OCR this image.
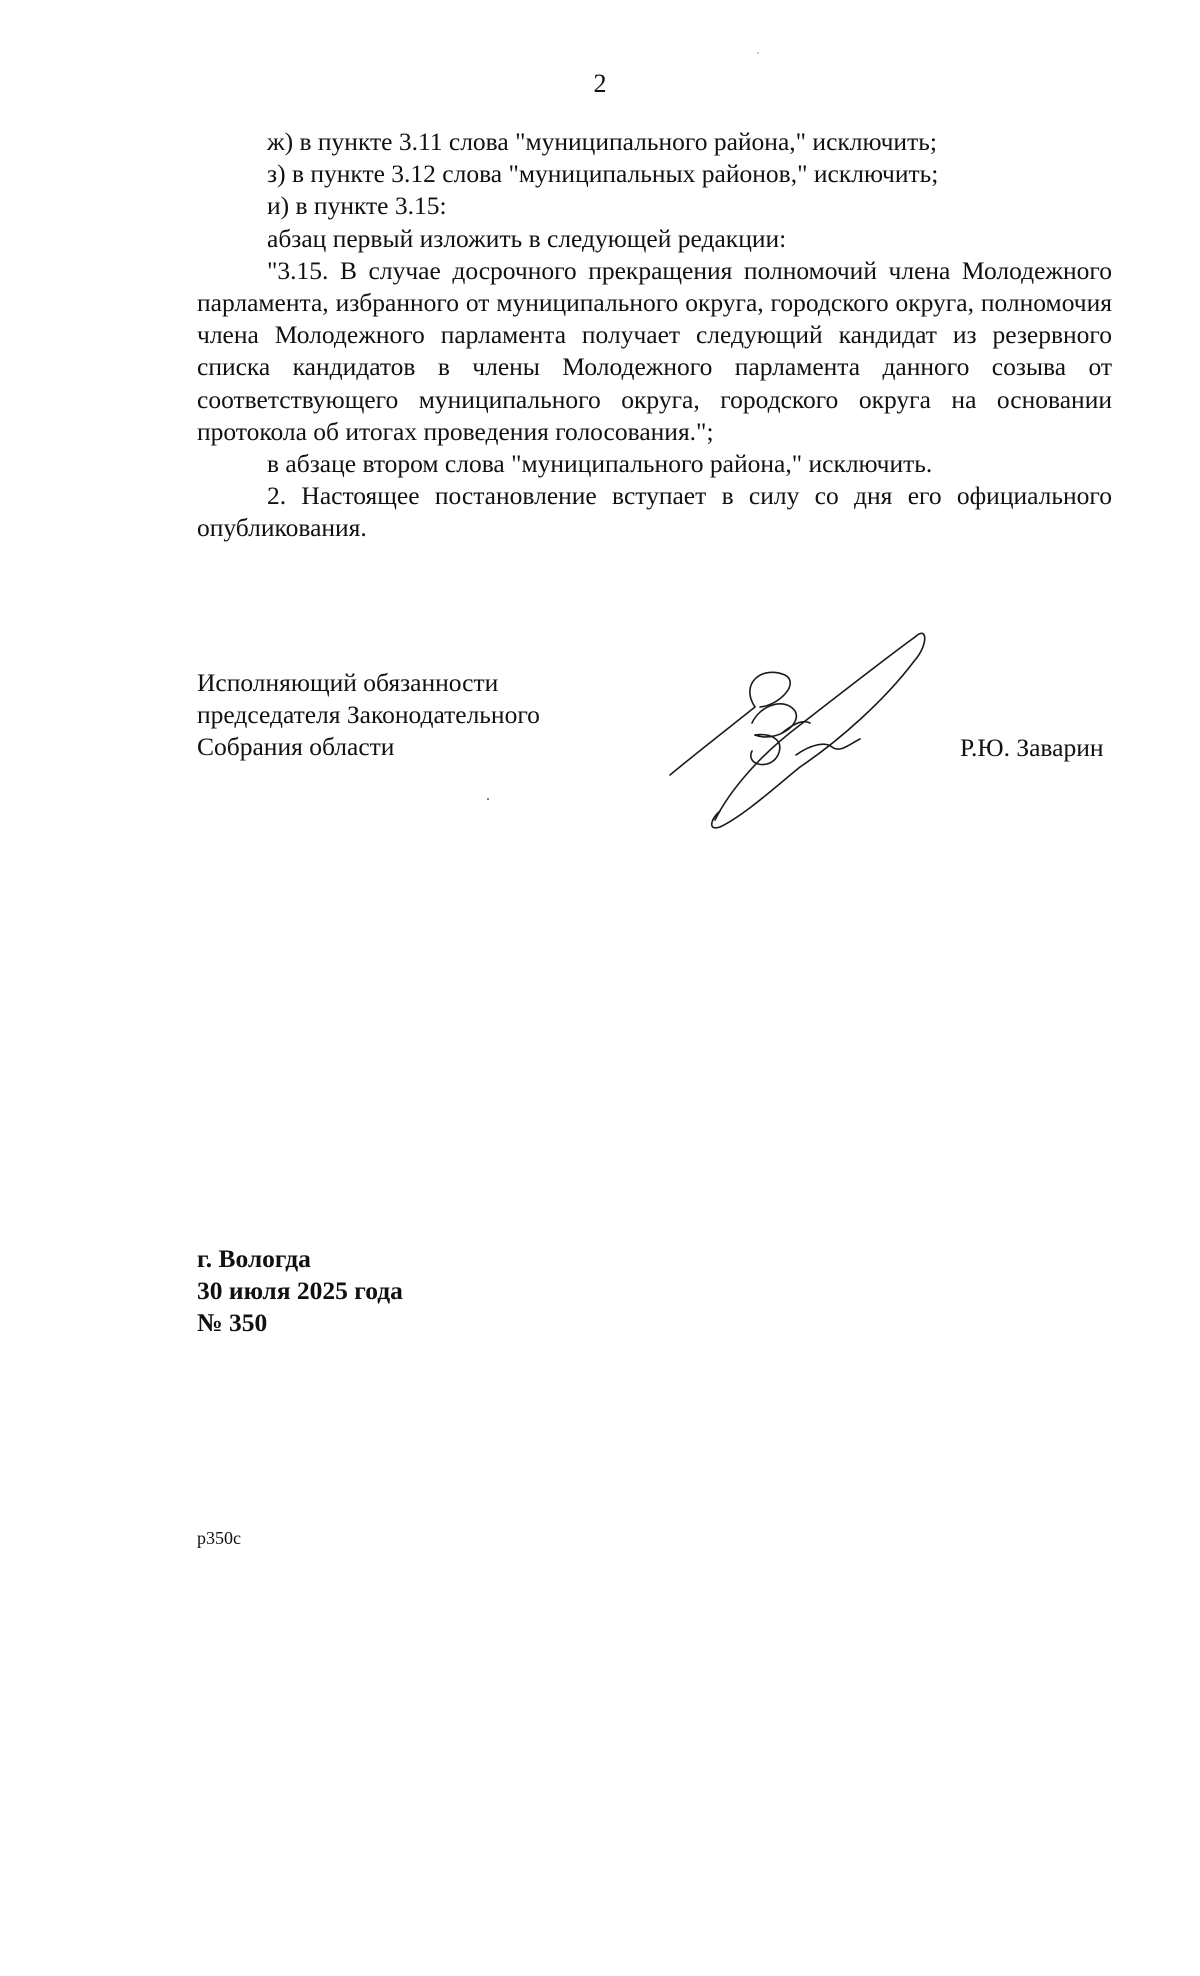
2

ж) в пункте 3.11 слова "муниципального района," исключить;

з) в пункте 3.12 слова "муниципальных районов," исключить;

и) в пункте 3.15:

абзац первый изложить в следующей редакции:

"3.15. В случае досрочного прекращения полномочий члена Молодежного парламента, избранного от муниципального округа, городского округа, полномочия члена Молодежного парламента получает следующий кандидат из резервного списка кандидатов в члены Молодежного парламента данного созыва от соответствующего муниципального округа, городского округа на основании протокола об итогах проведения голосования.";

в абзаце втором слова "муниципального района," исключить.

2. Настоящее постановление вступает в силу со дня его официального опубликования.

Исполняющий обязанности

председателя Законодательного

Собрания области	Р.Ю. Заварин

г. Вологда

30 июля 2025 года

№ 350

p350c
